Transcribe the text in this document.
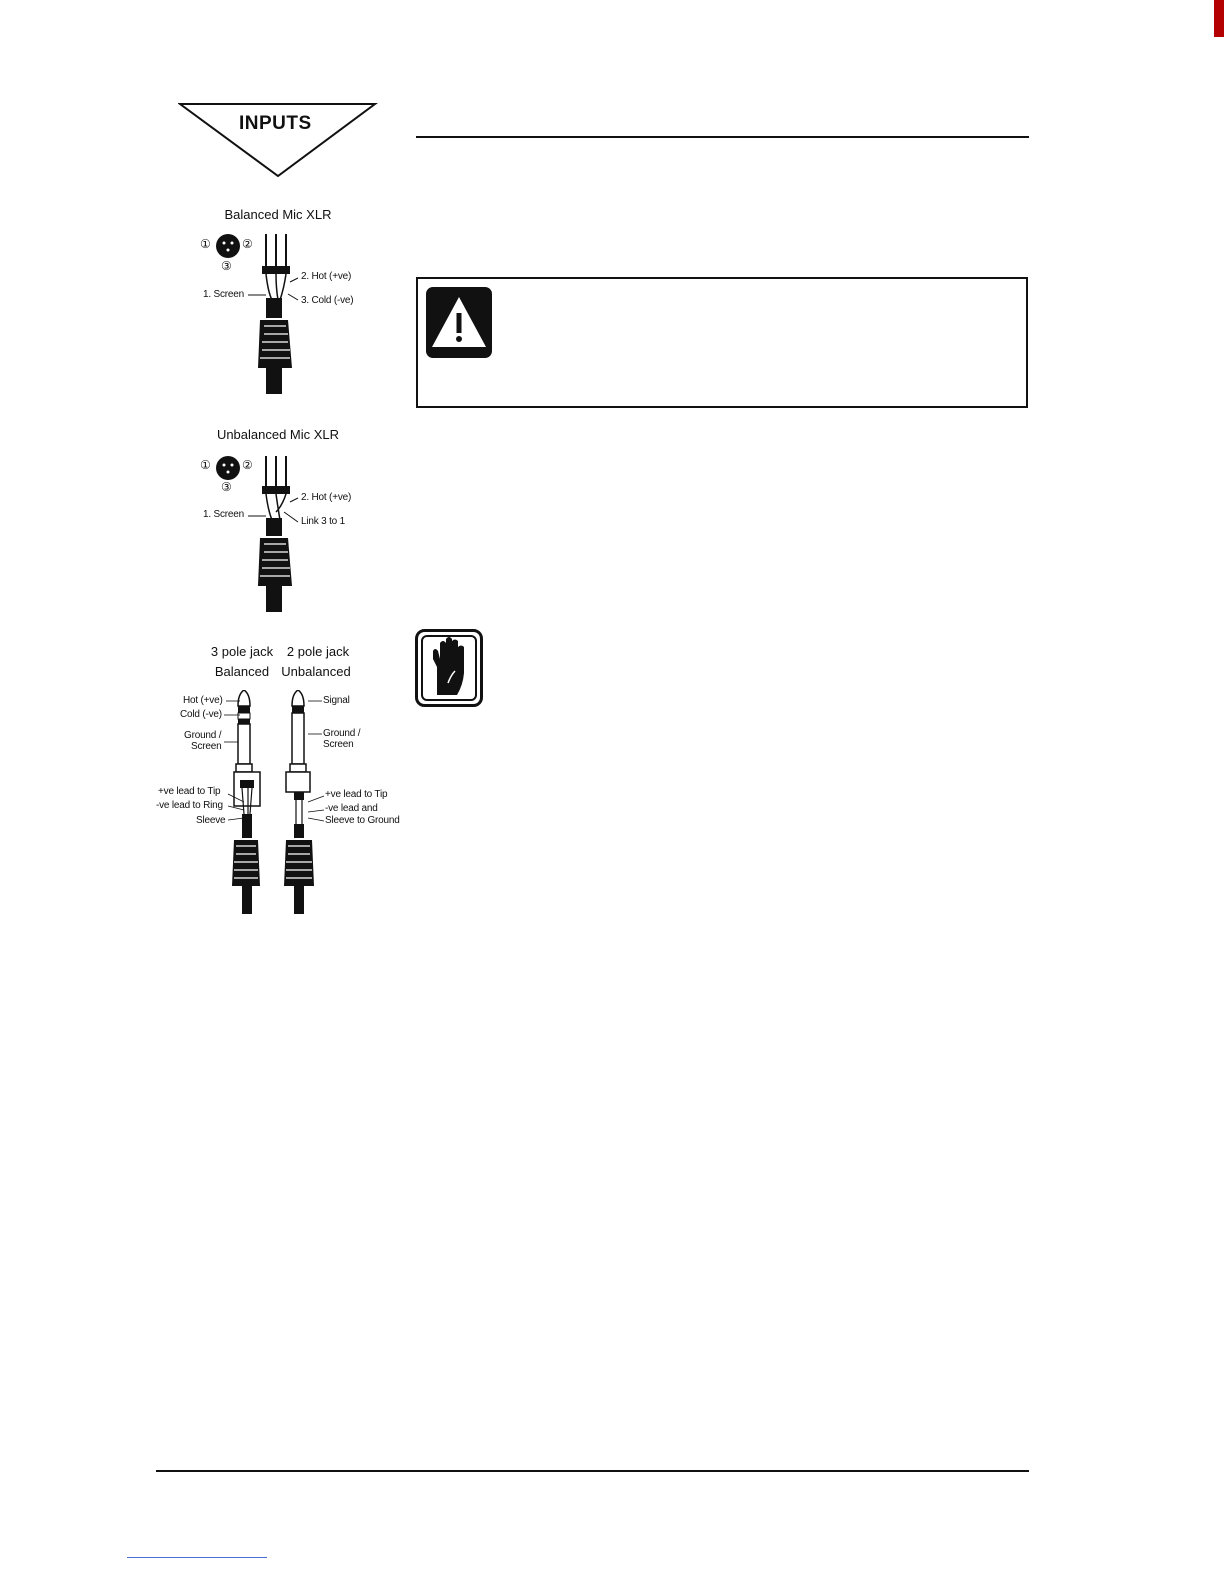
INPUTS
Balanced Mic XLR
①	②
③
2. Hot (+ve)
3. Cold (-ve)
1. Screen
Unbalanced Mic XLR
①	②
③
2. Hot (+ve)
Link 3 to 1
1. Screen
3 pole jack	2 pole jack
Balanced Unbalanced
Hot (+ve)
Cold (-ve)
Ground /
Screen
+ve lead to Tip
-ve lead to Ring
Sleeve
Signal
Ground /
Screen
+ve lead to Tip
-ve lead and
Sleeve to Ground
